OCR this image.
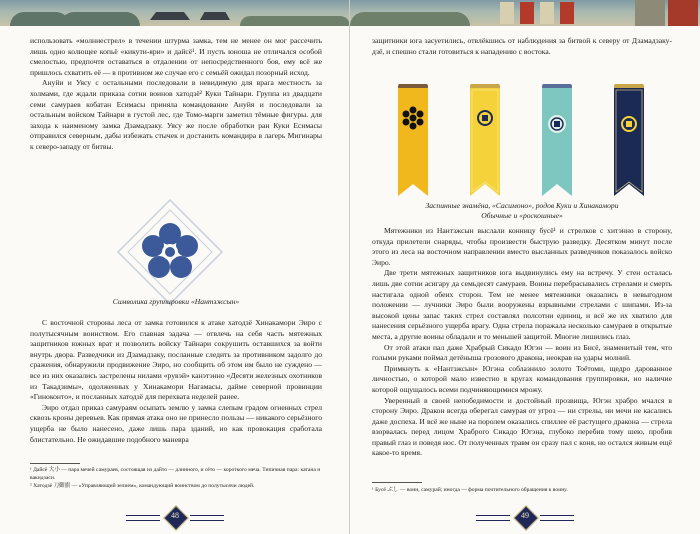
использовать «молниестрел» в течении штурма замка, тем не менее он мог рассечить лишь одно колющее копьё «кикути-яри» и дайсё¹. И пусть юноша не отличался особой смелостью, предпочтя оставаться в отдалении от непосредственного боя, ему всё же пришлось схватить её — в противном же случае его с семьёй ожидал позорный исход.

Ануйи и Уясу с остальными последовали в невидимую для врага местность за холмами, где ждали приказа сотни воинов хатодзё² Куки Тайнари. Группа из двадцати семи самураев кобатан Есимасы приняла командование Ануйя и последовали за остальным войском Тайнари в густой лес, где Томо-марги заметил тёмные фигуры. для захода к наименому замка Дзамадзаку. Уясу же после обработки ран Куки Есимасы отправился северным, дабы избежать стычек и достанить командира в лагерь Мигинары к северо-западу от битвы.

Символика группировки «Нантзжсын»

С восточной стороны леса от замка готовился к атаке хатодзё Хинакамори Эиро с полутысячным воинством. Его главная задача — отвлечь на себя часть мятежных защитников южных врат и позволить войску Тайнари сокрушить оставшихся за войти внутрь двора. Разведчики из Дзамадзаку, посланные следить за противником задолго до сражения, обнаружили продвижение Эиро, но сообщить об этом им было не суждено — все из них оказались застрелены нилами «рувэй» канэтэнно «Десяти железных охотников из Такадзимы», одолженных у Хинакамори Нагамасы, дайме северной провинции «Гиноконто», и посланных хатодзё для перехвата неделей ранее.

Эиро отдал приказ самураям осыпать землю у замка слепым градом огненных стрел сквозь кроны деревьев. Как прямая атака оно не принесло пользы — никакого серьёзного ущерба не было нанесено, даже лишь пара зданий, но как провокация сработала блистательно. Не ожидавшие подобного маневра

¹ Дайсё 大小 — пара мечей самураев, состоящая из дайто — длинного, и сёто — короткого меча. Типичная пара: катана и вакидзаси.
² Хатодзё 刀御旗 — «Управляющий зелием», командующий воинством до полутысячи людей.
48

защитники юга засуетились, отвлёкшись от наблюдения за битвой к северу от Дзамадзаку-дзё, и спешно стали готовиться к нападению с востока.

Заспинные знамёна, «Сасимоно», родов Куки и Хинакамори
Обычные и «роскошные»

Мятежники из Нантзжсын выслали конницу бусё¹ и стрелков с хитэнно в сторону, откуда прилетели снаряды, чтобы произвести быструю разведку. Десятком минут после этого из леса на восточном направлении вместо высланных разведчиков показалось войско Эиро.

Две трети мятежных защитников юга выдвинулись ему на встречу. У стен осталась лишь две сотни асигару да семьдесят самураев. Воины перебрасывались стрелами и смерть настигала одной обеих сторон. Тем не менее мятежники оказались в невыгодном положении — лучники Эиро были вооружены взрывными стрелами с шипами. Из-за высокой цены запас таких стрел составлял полсотни единиц, и всё же их хватило для нанесения серьёзного ущерба врагу. Одна стрела поражала несколько самураев в открытые места, а другие воины обладали и то меньшей защитой. Многие лишились глаз.

От этой атаки пал даже Храбрый Сикадо Югэн — воин из Бисё, знаменитый тем, что голыми руками поймал детёныша грозового дракона, неокрав на удары молний.

Примкнуть к «Нантзжсын» Югэна соблазнило золото Тоётоми, щедро дарованное личностью, о которой мало известно в кругах командования группировки, но наличие которой ощущалось всеми подчиняющимися мрожу.

Уверенный в своей непобедимости и достойный прозвища, Югэн храбро мчался в сторону Эиро. Дракон всегда оберегал самурая от угроз — ни стрелы, ни мечи не касались даже доспеха. И всё же ныне на поролем оказались спиллее её растущего дракона — стрела взорвалась перед лицом Храброго Сикадо Югэна, глубоко перебив тому шею, пробив правый глаз и поведя нос. От полученных травм он сразу пал с коня, но остался живым ещё какое-то время.

¹ Бусё ぶし — воин, самурай; иногда — форма почтительного обращения к воину.
49
